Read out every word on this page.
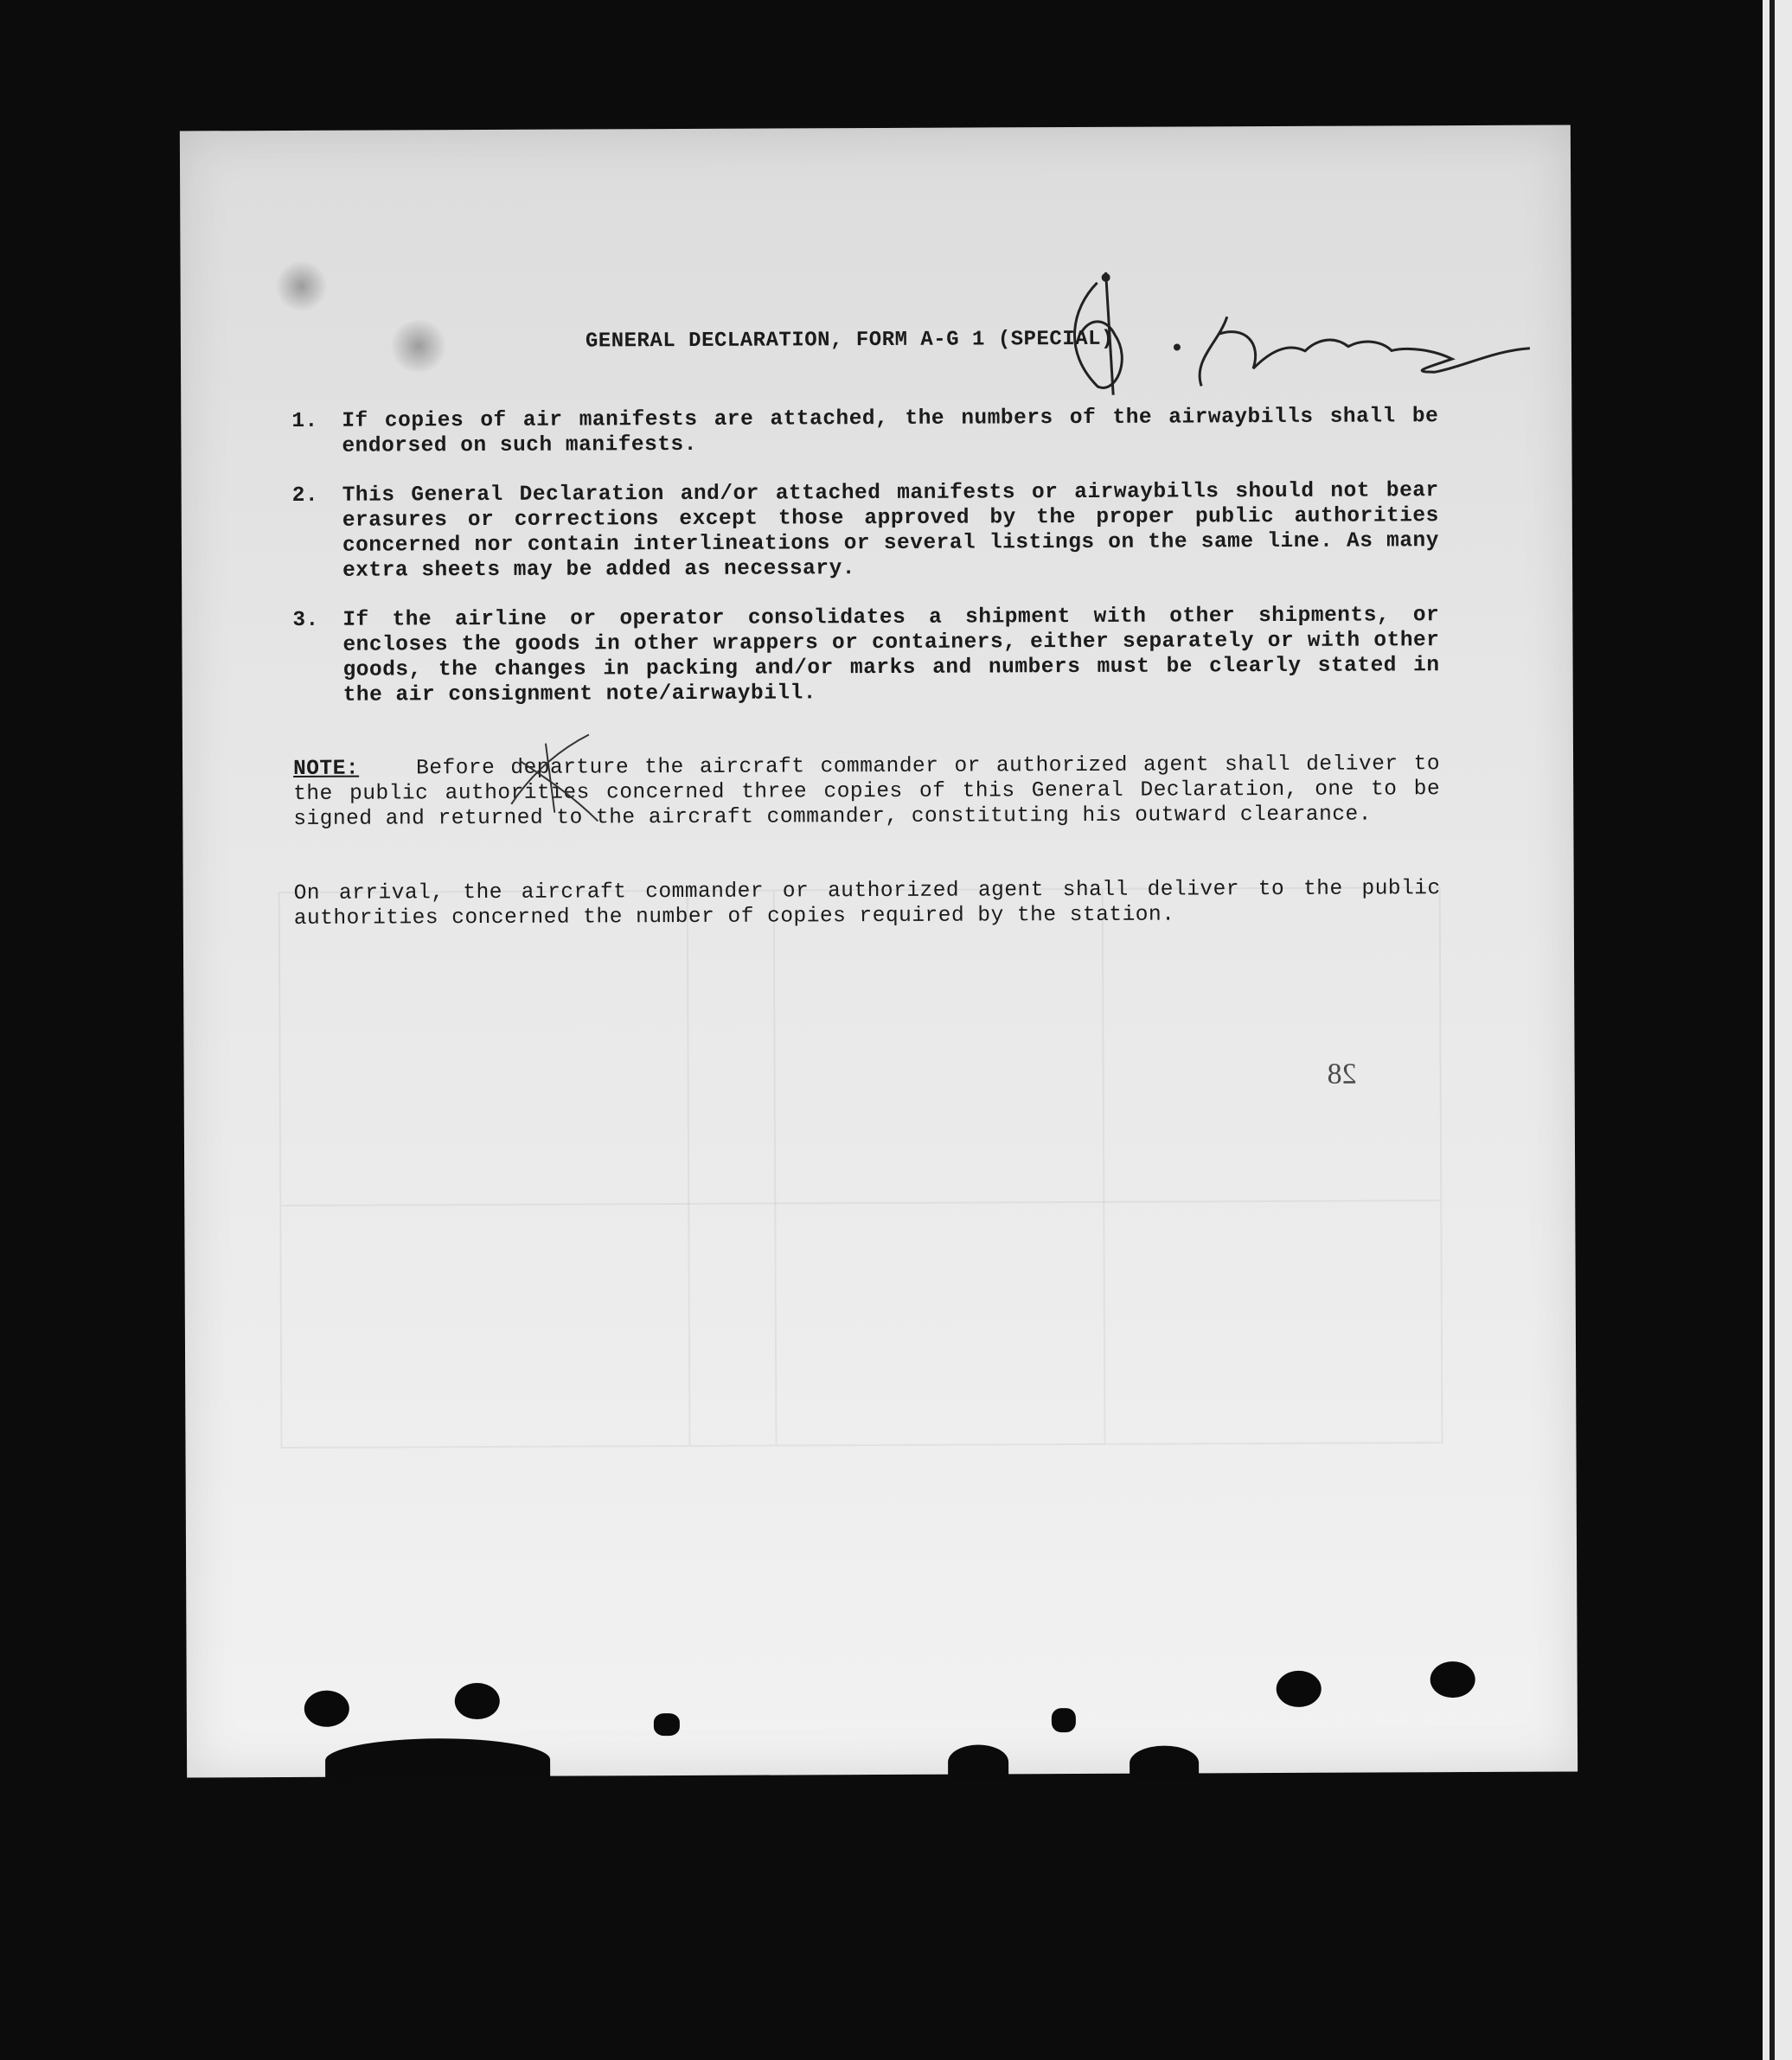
GENERAL DECLARATION, FORM A-G 1 (SPECIAL)
1.	If copies of air manifests are attached, the numbers of the airwaybills shall be endorsed on such manifests.
2.	This General Declaration and/or attached manifests or airwaybills should not bear erasures or corrections except those approved by the proper public authorities concerned nor contain interlineations or several listings on the same line. As many extra sheets may be added as necessary.
3.	If the airline or operator consolidates a shipment with other shipments, or encloses the goods in other wrappers or containers, either separately or with other goods, the changes in packing and/or marks and numbers must be clearly stated in the air consignment note/airwaybill.
NOTE:	Before departure the aircraft commander or authorized agent shall deliver to the public authorities concerned three copies of this General Declaration, one to be signed and returned to the aircraft commander, constituting his outward clearance.
On arrival, the aircraft commander or authorized agent shall deliver to the public authorities concerned the number of copies required by the station.
28
